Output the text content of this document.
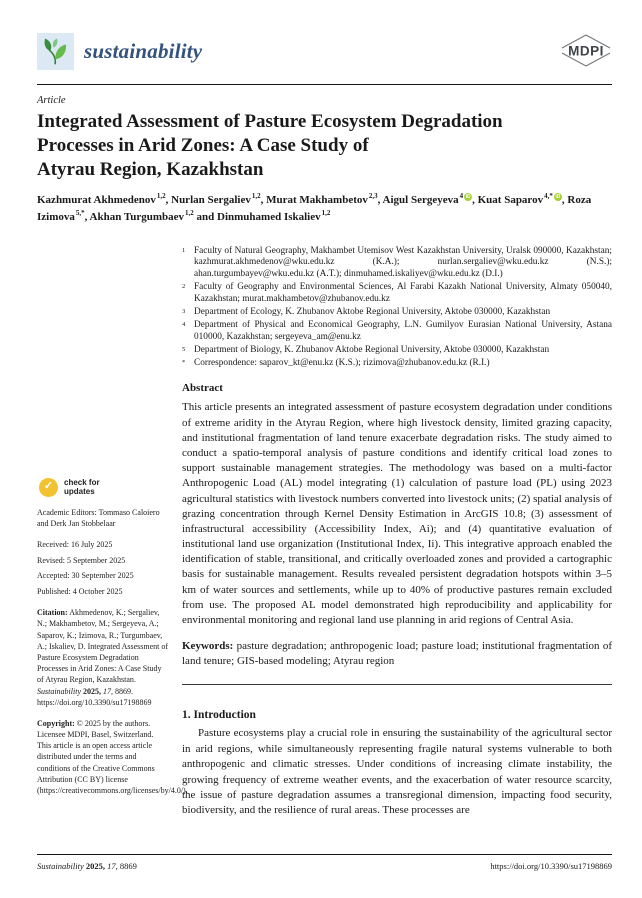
sustainability	MDPI
Article
Integrated Assessment of Pasture Ecosystem Degradation
Processes in Arid Zones: A Case Study of
Atyrau Region, Kazakhstan
Kazhmurat Akhmedenov$^{1,2}$, Nurlan Sergaliev$^{1,2}$, Murat Makhambetov$^{2,3}$, Aigul Sergeyeva$^4$ iD , Kuat Saparov$^{4,*}$ iD , Roza Izimova$^{5,*}$, Akhan Turgumbaev$^{1,2}$ and Dinmuhamed Iskaliev$^{1,2}$
✓	check for
updates

Academic Editors: Tommaso Caloiero and Derk Jan Stobbelaar

Received: 16 July 2025

Revised: 5 September 2025

Accepted: 30 September 2025

Published: 4 October 2025

Citation: Akhmedenov, K.; Sergaliev, N.; Makhambetov, M.; Sergeyeva, A.; Saparov, K.; Izimova, R.; Turgumbaev, A.; Iskaliev, D. Integrated Assessment of Pasture Ecosystem Degradation Processes in Arid Zones: A Case Study of Atyrau Region, Kazakhstan. Sustainability 2025, 17, 8869. https://doi.org/10.3390/su17198869

Copyright: © 2025 by the authors. Licensee MDPI, Basel, Switzerland. This article is an open access article distributed under the terms and conditions of the Creative Commons Attribution (CC BY) license (https://creativecommons.org/licenses/by/4.0/).

1 Faculty of Natural Geography, Makhambet Utemisov West Kazakhstan University, Uralsk 090000, Kazakhstan; kazhmurat.akhmedenov@wku.edu.kz (K.A.); nurlan.sergaliev@wku.edu.kz (N.S.); ahan.turgumbayev@wku.edu.kz (A.T.); dinmuhamed.iskaliyev@wku.edu.kz (D.I.)
2 Faculty of Geography and Environmental Sciences, Al Farabi Kazakh National University, Almaty 050040, Kazakhstan; murat.makhambetov@zhubanov.edu.kz
3 Department of Ecology, K. Zhubanov Aktobe Regional University, Aktobe 030000, Kazakhstan
4 Department of Physical and Economical Geography, L.N. Gumilyov Eurasian National University, Astana 010000, Kazakhstan; sergeyeva_am@enu.kz
5 Department of Biology, K. Zhubanov Aktobe Regional University, Aktobe 030000, Kazakhstan
* Correspondence: saparov_kt@enu.kz (K.S.); rizimova@zhubanov.edu.kz (R.I.)
Abstract
This article presents an integrated assessment of pasture ecosystem degradation under conditions of extreme aridity in the Atyrau Region, where high livestock density, limited grazing capacity, and institutional fragmentation of land tenure exacerbate degradation risks. The study aimed to conduct a spatio-temporal analysis of pasture conditions and identify critical load zones to support sustainable management strategies. The methodology was based on a multi-factor Anthropogenic Load (AL) model integrating (1) calculation of pasture load (PL) using 2023 agricultural statistics with livestock numbers converted into livestock units; (2) spatial analysis of grazing concentration through Kernel Density Estimation in ArcGIS 10.8; (3) assessment of infrastructural accessibility (Accessibility Index, Ai); and (4) quantitative evaluation of institutional land use organization (Institutional Index, Ii). This integrative approach enabled the identification of stable, transitional, and critically overloaded zones and provided a cartographic basis for sustainable management. Results revealed persistent degradation hotspots within 3–5 km of water sources and settlements, while up to 40% of productive pastures remain excluded from use. The proposed AL model demonstrated high reproducibility and applicability for environmental monitoring and regional land use planning in arid regions of Central Asia.
Keywords: pasture degradation; anthropogenic load; pasture load; institutional fragmentation of land tenure; GIS-based modeling; Atyrau region
1. Introduction
Pasture ecosystems play a crucial role in ensuring the sustainability of the agricultural sector in arid regions, while simultaneously representing fragile natural systems vulnerable to both anthropogenic and climatic stresses. Under conditions of increasing climate instability, the growing frequency of extreme weather events, and the exacerbation of water resource scarcity, the issue of pasture degradation assumes a transregional dimension, impacting food security, biodiversity, and the resilience of rural areas. These processes are
Sustainability 2025, 17, 8869	https://doi.org/10.3390/su17198869
